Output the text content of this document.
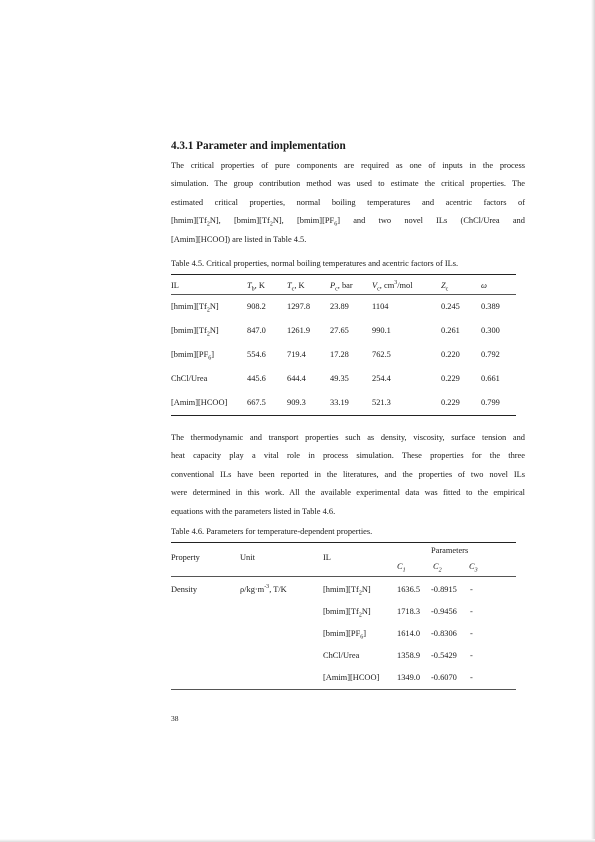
4.3.1 Parameter and implementation
The critical properties of pure components are required as one of inputs in the process
simulation. The group contribution method was used to estimate the critical properties. The
estimated critical properties, normal boiling temperatures and acentric factors of
$[hmim][Tf_2N]$, $[bmim][Tf_2N]$, $[bmim][PF_6]$ and two novel ILs (ChCl/Urea and
[Amim][HCOO]) are listed in Table 4.5.
Table 4.5. Critical properties, normal boiling temperatures and acentric factors of ILs.
IL	$T_b$, K	$T_c$, K	$P_c$, bar $V_c$, $cm^3$/mol	$Z_c$	ω
$[hmim][Tf_2N]$	908.2	1297.8 23.89	1104	0.245	0.389
$[bmim][Tf_2N]$	847.0	1261.9 27.65	990.1	0.261	0.300
$[bmim][PF_6]$	554.6	719.4	17.28	762.5	0.220	0.792
ChCl/Urea	445.6	644.4	49.35	254.4	0.229	0.661
[Amim][HCOO] 667.5	909.3	33.19	521.3	0.229	0.799
The thermodynamic and transport properties such as density, viscosity, surface tension and
heat capacity play a vital role in process simulation. These properties for the three
conventional ILs have been reported in the literatures, and the properties of two novel ILs
were determined in this work. All the available experimental data was fitted to the empirical
equations with the parameters listed in Table 4.6.
Table 4.6. Parameters for temperature-dependent properties.
Property	Unit	IL
Parameters
$C_1$	$C_2$	$C_3$
Density	$\rho/kg\cdot m^{-3}$, T/K	$[hmim][Tf_2N]$	1636.5 -0.8915 -
$[bmim][Tf_2N]$	1718.3 -0.9456 -
$[bmim][PF_6]$	1614.0 -0.8306 -
ChCl/Urea	1358.9 -0.5429 -
[Amim][HCOO] 1349.0 -0.6070 -
38
